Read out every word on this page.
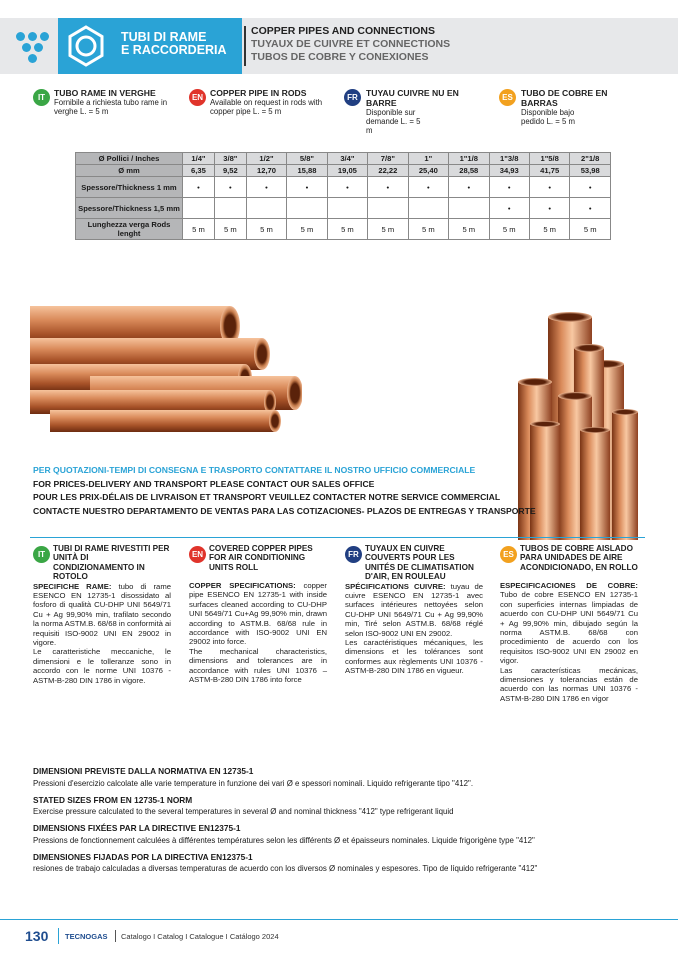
TUBI DI RAME
E RACCORDERIA
COPPER PIPES AND CONNECTIONS
TUYAUX DE CUIVRE ET CONNECTIONS
TUBOS DE COBRE Y CONEXIONES
IT	TUBO RAME IN VERGHE
Fornibile a richiesta tubo rame in verghe L. = 5 m
EN COPPER PIPE IN RODS
Available on request in rods with copper pipe L. = 5 m
FR TUYAU CUIVRE NU EN BARRE
Disponible sur demande L. = 5 m
ES TUBO DE COBRE EN BARRAS
Disponible bajo pedido L. = 5 m
Ø Pollici / Inches	1/4"	3/8"	1/2"	5/8"	3/4"	7/8"	1"	1"1/8	1"3/8	1"5/8	2"1/8
Ø mm	6,35	9,52	12,70	15,88	19,05	22,22	25,40	28,58	34,93	41,75	53,98
Spessore/Thickness 1 mm	•	•	•	•	•	•	•	•	•	•	•
Spessore/Thickness 1,5 mm									•	•	•
Lunghezza verga Rods lenght	5 m	5 m	5 m	5 m	5 m	5 m	5 m	5 m	5 m	5 m	5 m
PER QUOTAZIONI-TEMPI DI CONSEGNA E TRASPORTO CONTATTARE IL NOSTRO UFFICIO COMMERCIALE
FOR PRICES-DELIVERY AND TRANSPORT PLEASE CONTACT OUR SALES OFFICE
POUR LES PRIX-DÉLAIS DE LIVRAISON ET TRANSPORT VEUILLEZ CONTACTER NOTRE SERVICE COMMERCIAL
CONTACTE NUESTRO DEPARTAMENTO DE VENTAS PARA LAS COTIZACIONES- PLAZOS DE ENTREGAS Y TRANSPORTE
IT
TUBI DI RAME RIVESTITI PER UNITÀ DI CONDIZIONAMENTO IN ROTOLO
SPECIFICHE RAME: tubo di rame ESENCO EN 12735-1 disossidato al fosforo di qualità CU-DHP UNI 5649/71 Cu + Ag 99,90% min, trafilato secondo la norma ASTM.B. 68/68 in conformità ai requisiti ISO-9002 UNI EN 29002 in vigore.
Le caratteristiche meccaniche, le dimensioni e le tolleranze sono in accordo con le norme UNI 10376 - ASTM-B-280 DIN 1786 in vigore.
EN
COVERED COPPER PIPES FOR AIR CONDITIONING UNITS ROLL
COPPER SPECIFICATIONS: copper pipe ESENCO EN 12735-1 with inside surfaces cleaned according to CU-DHP UNI 5649/71 Cu+Ag 99,90% min, drawn according to ASTM.B. 68/68 rule in accordance with ISO-9002 UNI EN 29002 into force.
The mechanical characteristics, dimensions and tolerances are in accordance with rules UNI 10376 – ASTM-B-280 DIN 1786 into force
FR
TUYAUX EN CUIVRE COUVERTS POUR LES UNITÉS DE CLIMATISATION D'AIR, EN ROULEAU
SPÉCIFICATIONS CUIVRE: tuyau de cuivre ESENCO EN 12735-1 avec surfaces intérieures nettoyées selon CU-DHP UNI 5649/71 Cu + Ag 99,90% min, Tiré selon ASTM.B. 68/68 réglé selon ISO-9002 UNI EN 29002.
Les caractéristiques mécaniques, les dimensions et les tolérances sont conformes aux règlements UNI 10376 - ASTM-B-280 DIN 1786 en vigueur.
ES
TUBOS DE COBRE AISLADO PARA UNIDADES DE AIRE ACONDICIONADO, EN ROLLO
ESPECIFICACIONES DE COBRE: Tubo de cobre ESENCO EN 12735-1 con superficies internas limpiadas de acuerdo con CU-DHP UNI 5649/71 Cu + Ag 99,90% min, dibujado según la norma ASTM.B. 68/68 con procedimiento de acuerdo con los requisitos ISO-9002 UNI EN 29002 en vigor.
Las características mecánicas, dimensiones y tolerancias están de acuerdo con las normas UNI 10376 - ASTM-B-280 DIN 1786 en vigor
DIMENSIONI PREVISTE DALLA NORMATIVA EN 12735-1
Pressioni d'esercizio calcolate alle varie temperature in funzione dei vari Ø e spessori nominali. Liquido refrigerante tipo "412".
STATED SIZES FROM EN 12735-1 NORM
Exercise pressure calculated to the several temperatures in several Ø and nominal thickness "412" type refrigerant liquid
DIMENSIONS FIXÉES PAR LA DIRECTIVE EN12375-1
Pressions de fonctionnement calculées à différentes températures selon les différents Ø et épaisseurs nominales. Liquide frigorigène type "412"
DIMENSIONES FIJADAS POR LA DIRECTIVA EN12375-1
resiones de trabajo calculadas a diversas temperaturas de acuerdo con los diversos Ø nominales y espesores. Tipo de líquido refrigerante "412"
130 TECNOGAS Catalogo I Catalog I Catalogue I Catálogo 2024
